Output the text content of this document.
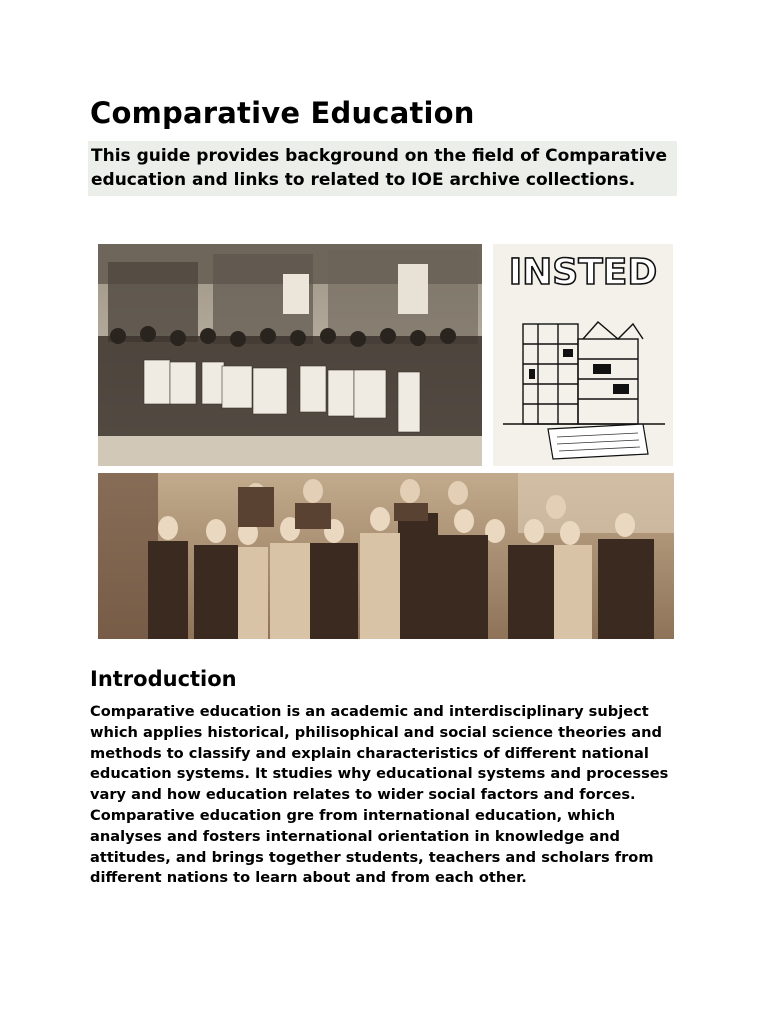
Comparative Education

This guide provides background on the field of Comparative education and links to related to IOE archive collections.

INSTED
Introduction

Comparative education is an academic and interdisciplinary subject which applies historical, philisophical and social science theories and methods to classify and explain characteristics of different national education systems. It studies why educational systems and processes vary and how education relates to wider social factors and forces. Comparative education gre from international education, which analyses and fosters international orientation in knowledge and attitudes, and brings together students, teachers and scholars from different nations to learn about and from each other.
